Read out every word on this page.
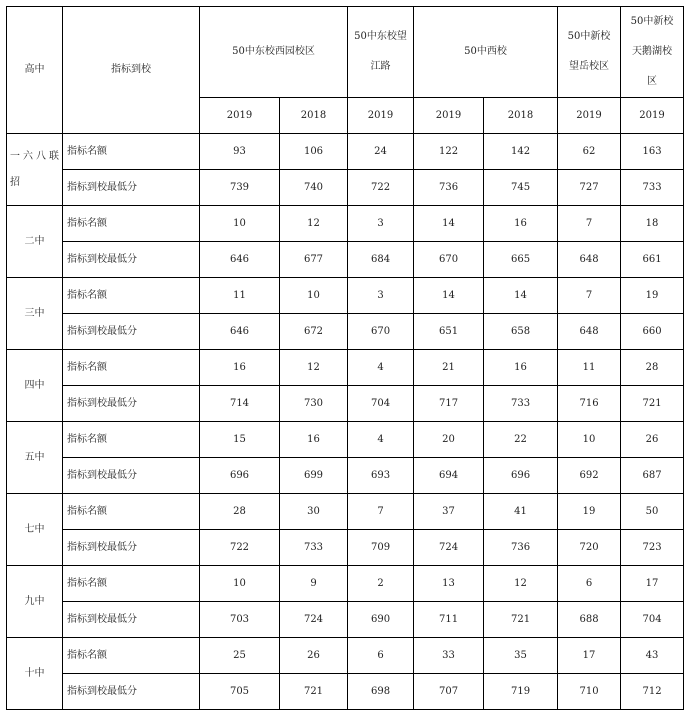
高中	指标到校	50中东校西园校区		50中东校望江路	50中西校		50中新校望岳校区	50中新校天鹅湖校区
		2019	2018	2019	2019	2018	2019	2019
一六八联招	指标名额	93	106	24	122	142	62	163
	指标到校最低分	739	740	722	736	745	727	733
二中	指标名额	10	12	3	14	16	7	18
	指标到校最低分	646	677	684	670	665	648	661
三中	指标名额	11	10	3	14	14	7	19
	指标到校最低分	646	672	670	651	658	648	660
四中	指标名额	16	12	4	21	16	11	28
	指标到校最低分	714	730	704	717	733	716	721
五中	指标名额	15	16	4	20	22	10	26
	指标到校最低分	696	699	693	694	696	692	687
七中	指标名额	28	30	7	37	41	19	50
	指标到校最低分	722	733	709	724	736	720	723
九中	指标名额	10	9	2	13	12	6	17
	指标到校最低分	703	724	690	711	721	688	704
十中	指标名额	25	26	6	33	35	17	43
	指标到校最低分	705	721	698	707	719	710	712
